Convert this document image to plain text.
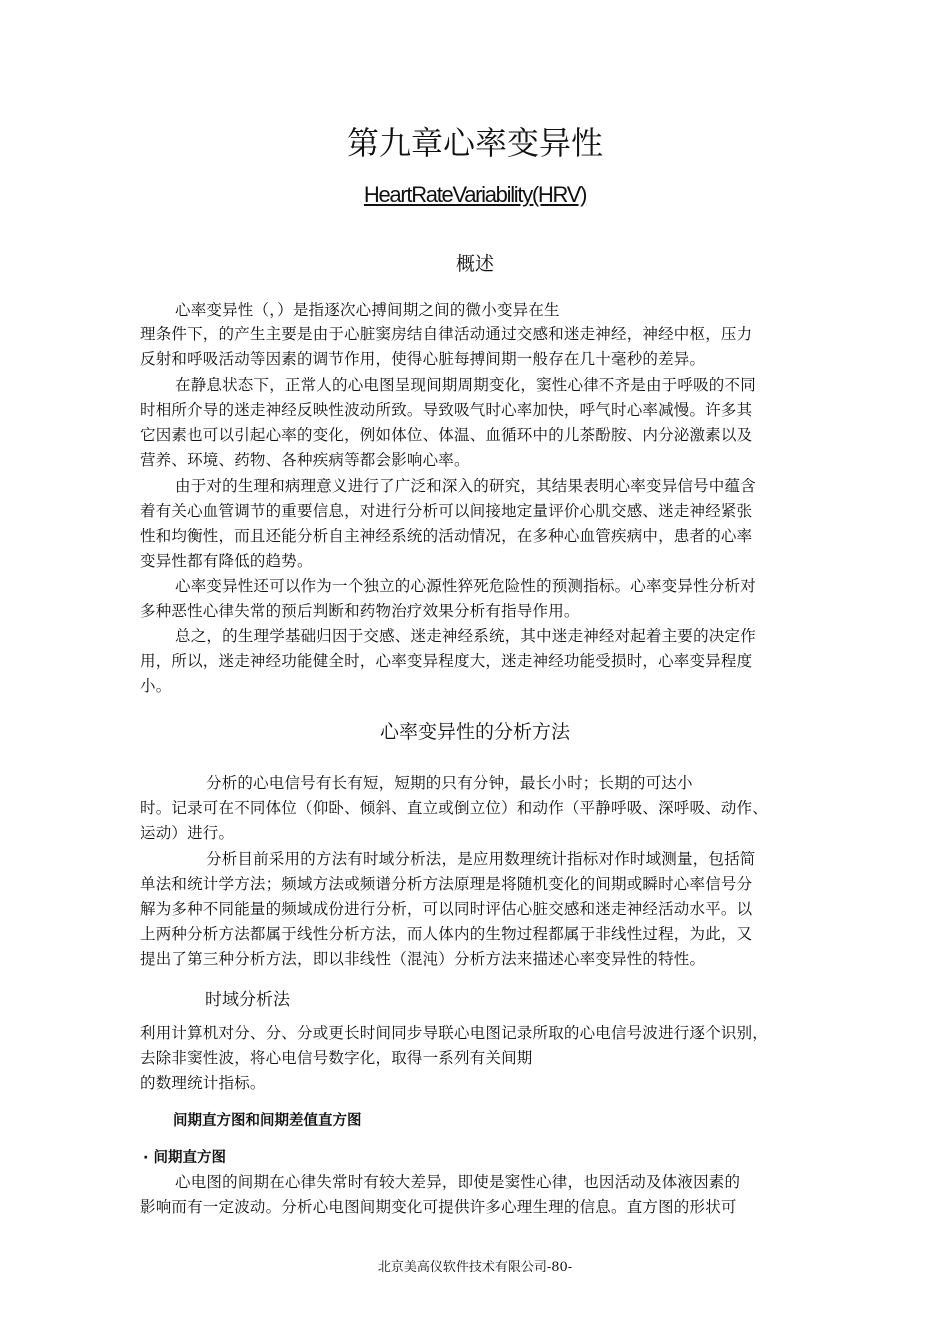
第九章心率变异性
HeartRateVariability(HRV)
概述
心率变异性（，）是指逐次心搏间期之间的微小变异在生
理条件下，的产生主要是由于心脏窦房结自律活动通过交感和迷走神经，神经中枢，压力
反射和呼吸活动等因素的调节作用，使得心脏每搏间期一般存在几十毫秒的差异。
在静息状态下，正常人的心电图呈现间期周期变化，窦性心律不齐是由于呼吸的不同
时相所介导的迷走神经反映性波动所致。导致吸气时心率加快，呼气时心率减慢。许多其
它因素也可以引起心率的变化，例如体位、体温、血循环中的儿茶酚胺、内分泌激素以及
营养、环境、药物、各种疾病等都会影响心率。
由于对的生理和病理意义进行了广泛和深入的研究，其结果表明心率变异信号中蕴含
着有关心血管调节的重要信息，对进行分析可以间接地定量评价心肌交感、迷走神经紧张
性和均衡性，而且还能分析自主神经系统的活动情况，在多种心血管疾病中，患者的心率
变异性都有降低的趋势。
心率变异性还可以作为一个独立的心源性猝死危险性的预测指标。心率变异性分析对
多种恶性心律失常的预后判断和药物治疗效果分析有指导作用。
总之，的生理学基础归因于交感、迷走神经系统，其中迷走神经对起着主要的决定作
用，所以，迷走神经功能健全时，心率变异程度大，迷走神经功能受损时，心率变异程度
小。
心率变异性的分析方法
分析的心电信号有长有短，短期的只有分钟，最长小时；长期的可达小
时。记录可在不同体位（仰卧、倾斜、直立或倒立位）和动作（平静呼吸、深呼吸、动作、
运动）进行。
分析目前采用的方法有时域分析法，是应用数理统计指标对作时域测量，包括简
单法和统计学方法；频域方法或频谱分析方法原理是将随机变化的间期或瞬时心率信号分
解为多种不同能量的频域成份进行分析，可以同时评估心脏交感和迷走神经活动水平。以
上两种分析方法都属于线性分析方法，而人体内的生物过程都属于非线性过程，为此，又
提出了第三种分析方法，即以非线性（混沌）分析方法来描述心率变异性的特性。
时域分析法
利用计算机对分、分、分或更长时间同步导联心电图记录所取的心电信号波进行逐个识别，
去除非窦性波，将心电信号数字化，取得一系列有关间期
的数理统计指标。
间期直方图和间期差值直方图
· 间期直方图
心电图的间期在心律失常时有较大差异，即使是窦性心律，也因活动及体液因素的
影响而有一定波动。分析心电图间期变化可提供许多心理生理的信息。直方图的形状可
北京美高仪软件技术有限公司-80-
